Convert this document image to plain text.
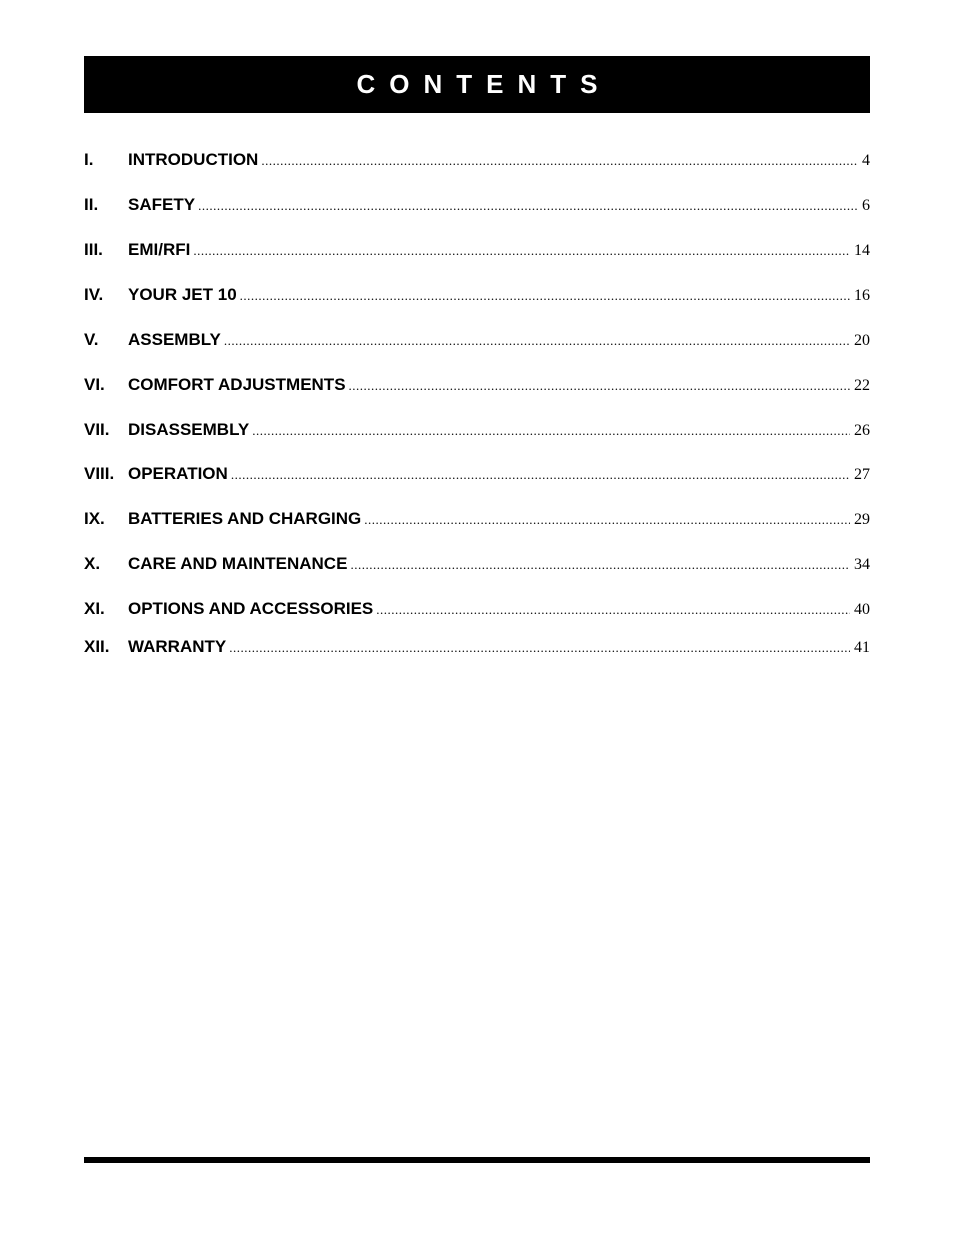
CONTENTS
I.	INTRODUCTION .....	4
II.	SAFETY .....	6
III.	EMI/RFI .....	14
IV.	YOUR JET 10 .....	16
V.	ASSEMBLY .....	20
VI.	COMFORT ADJUSTMENTS .....	22
VII.	DISASSEMBLY .....	26
VIII. OPERATION .....	27
IX.	BATTERIES AND CHARGING .....	29
X.	CARE AND MAINTENANCE .....	34
XI.	OPTIONS AND ACCESSORIES .....	40
XII.	WARRANTY .....	41
